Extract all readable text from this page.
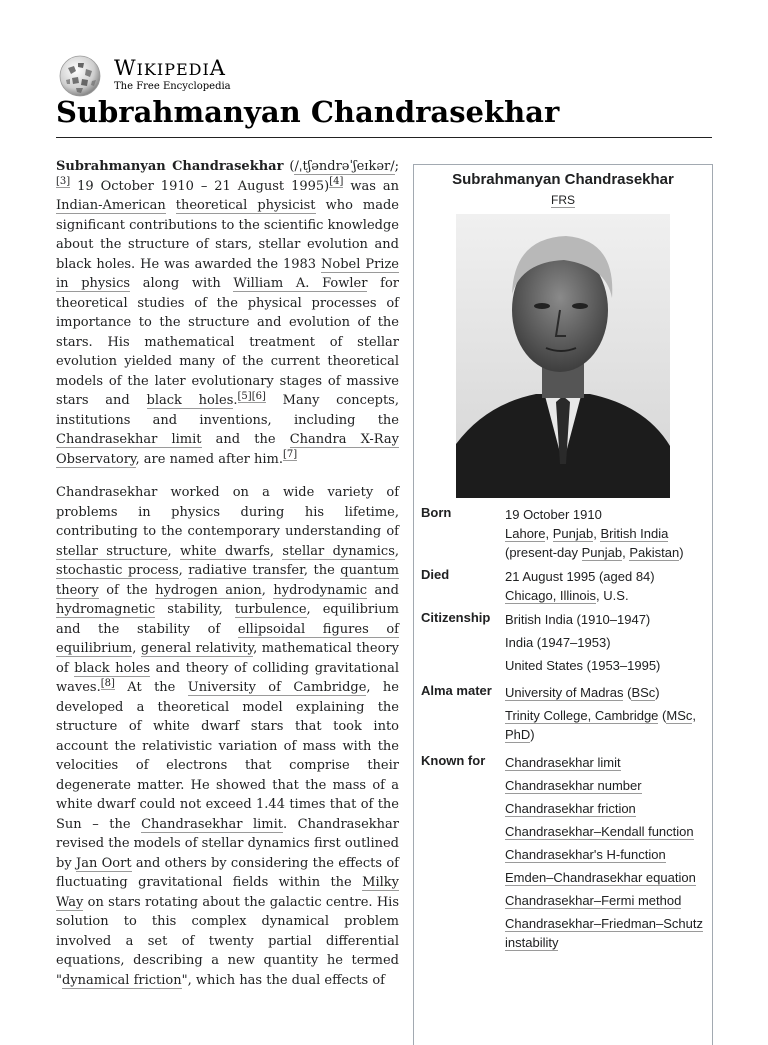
WIKIPEDIA
The Free Encyclopedia
Subrahmanyan Chandrasekhar

Subrahmanyan Chandrasekhar (/ˌtʃəndrəˈʃeɪkər/;[3] 19 October 1910 – 21 August 1995)[4] was an Indian-American theoretical physicist who made significant contributions to the scientific knowledge about the structure of stars, stellar evolution and black holes. He was awarded the 1983 Nobel Prize in physics along with William A. Fowler for theoretical studies of the physical processes of importance to the structure and evolution of the stars. His mathematical treatment of stellar evolution yielded many of the current theoretical models of the later evolutionary stages of massive stars and black holes.[5][6] Many concepts, institutions and inventions, including the Chandrasekhar limit and the Chandra X-Ray Observatory, are named after him.[7]

Chandrasekhar worked on a wide variety of problems in physics during his lifetime, contributing to the contemporary understanding of stellar structure, white dwarfs, stellar dynamics, stochastic process, radiative transfer, the quantum theory of the hydrogen anion, hydrodynamic and hydromagnetic stability, turbulence, equilibrium and the stability of ellipsoidal figures of equilibrium, general relativity, mathematical theory of black holes and theory of colliding gravitational waves.[8] At the University of Cambridge, he developed a theoretical model explaining the structure of white dwarf stars that took into account the relativistic variation of mass with the velocities of electrons that comprise their degenerate matter. He showed that the mass of a white dwarf could not exceed 1.44 times that of the Sun – the Chandrasekhar limit. Chandrasekhar revised the models of stellar dynamics first outlined by Jan Oort and others by considering the effects of fluctuating gravitational fields within the Milky Way on stars rotating about the galactic centre. His solution to this complex dynamical problem involved a set of twenty partial differential equations, describing a new quantity he termed "dynamical friction", which has the dual effects of

Subrahmanyan Chandrasekhar
FRS
Born	19 October 1910
Lahore, Punjab, British India
(present-day Punjab, Pakistan)
Died	21 August 1995 (aged 84)
Chicago, Illinois, U.S.
Citizenship	British India (1910–1947)
India (1947–1953)
United States (1953–1995)
Alma mater	University of Madras (BSc)
Trinity College, Cambridge (MSc, PhD)
Known for	Chandrasekhar limit
Chandrasekhar number
Chandrasekhar friction
Chandrasekhar–Kendall function
Chandrasekhar's H-function
Emden–Chandrasekhar equation
Chandrasekhar–Fermi method
Chandrasekhar–Friedman–Schutz instability
